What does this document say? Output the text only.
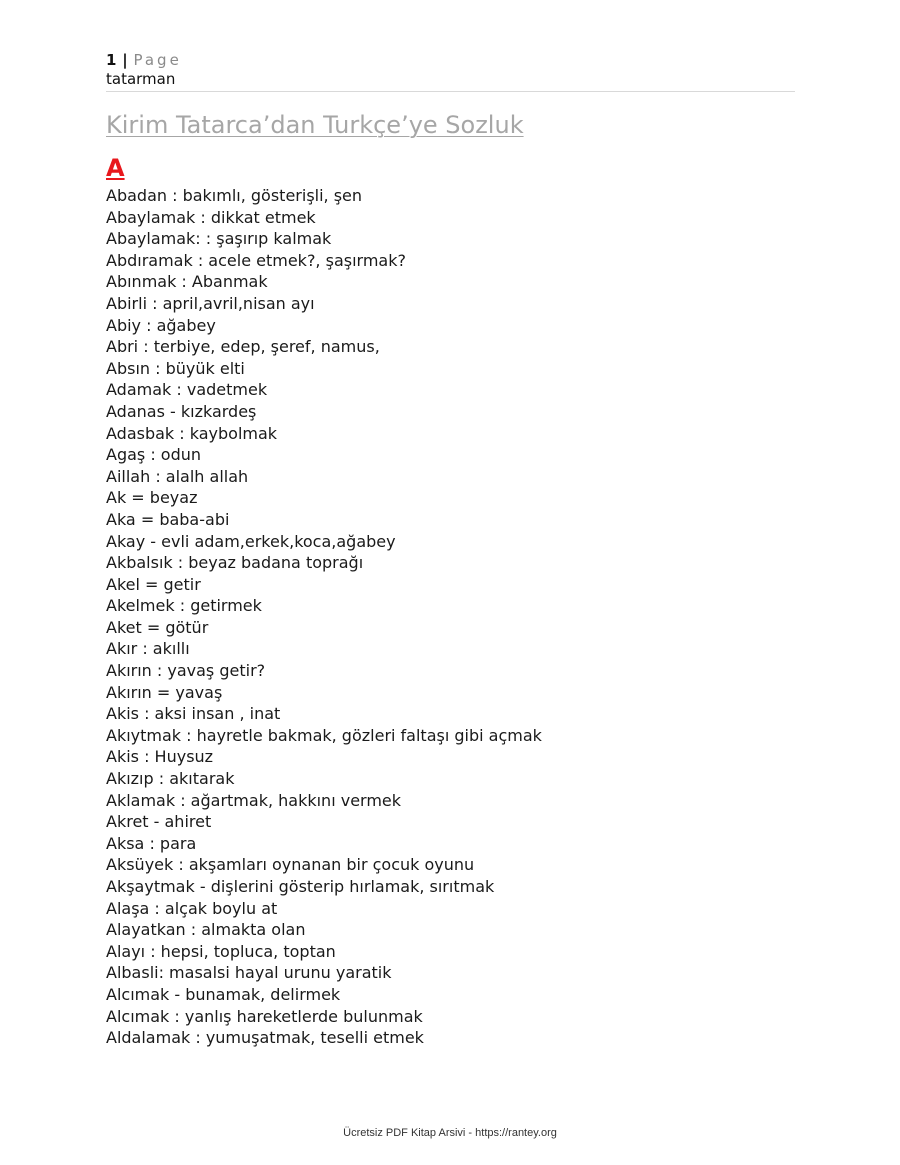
1 | Page
tatarman
Kirim Tatarca’dan Turkçe’ye Sozluk
A
Abadan : bakımlı, gösterişli, şen
Abaylamak : dikkat etmek
Abaylamak: : şaşırıp kalmak
Abdıramak : acele etmek?, şaşırmak?
Abınmak : Abanmak
Abirli : april,avril,nisan ayı
Abiy : ağabey
Abri : terbiye, edep, şeref, namus,
Absın : büyük elti
Adamak : vadetmek
Adanas - kızkardeş
Adasbak : kaybolmak
Agaş : odun
Aillah : alalh allah
Ak = beyaz
Aka = baba-abi
Akay - evli adam,erkek,koca,ağabey
Akbalsık : beyaz badana toprağı
Akel = getir
Akelmek : getirmek
Aket = götür
Akır : akıllı
Akırın : yavaş getir?
Akırın = yavaş
Akis : aksi insan , inat
Akıytmak : hayretle bakmak, gözleri faltaşı gibi açmak
Akis : Huysuz
Akızıp : akıtarak
Aklamak : ağartmak, hakkını vermek
Akret - ahiret
Aksa : para
Aksüyek : akşamları oynanan bir çocuk oyunu
Akşaytmak - dişlerini gösterip hırlamak, sırıtmak
Alaşa : alçak boylu at
Alayatkan : almakta olan
Alayı : hepsi, topluca, toptan
Albasli: masalsi hayal urunu yaratik
Alcımak - bunamak, delirmek
Alcımak : yanlış hareketlerde bulunmak
Aldalamak : yumuşatmak, teselli etmek
Ücretsiz PDF Kitap Arsivi - https://rantey.org
